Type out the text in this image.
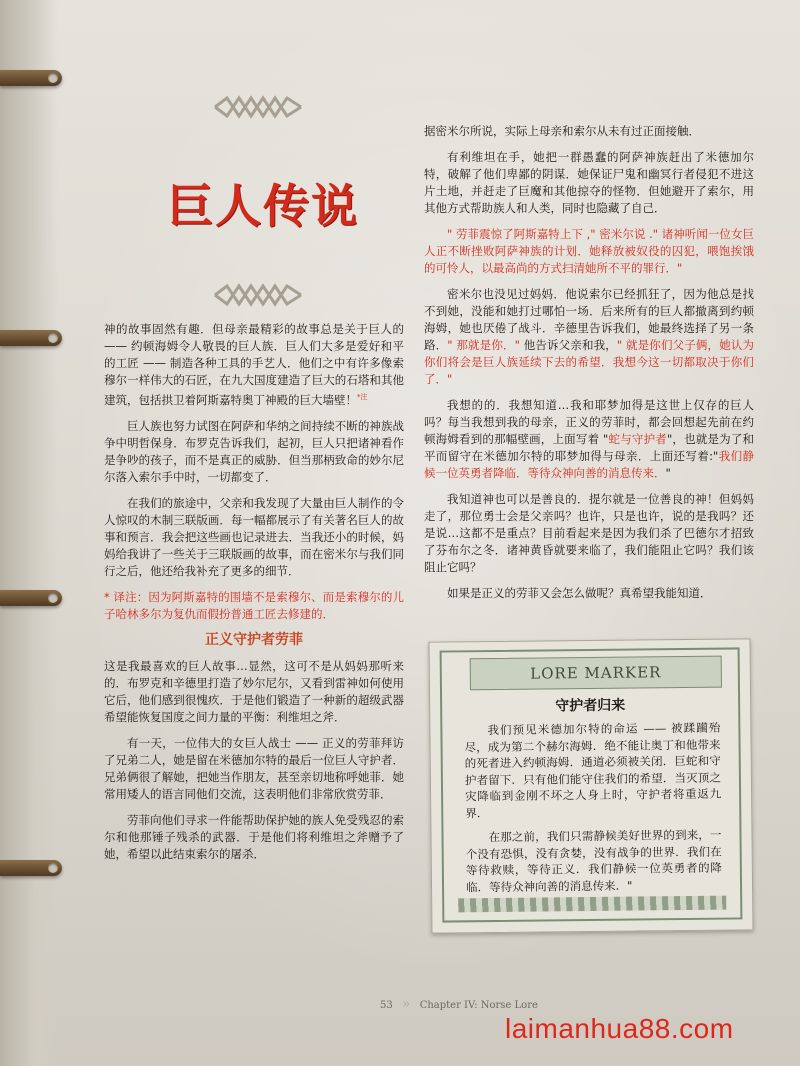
巨人传说

神的故事固然有趣．但母亲最精彩的故事总是关于巨人的 —— 约顿海姆令人敬畏的巨人族．巨人们大多是爱好和平的工匠 —— 制造各种工具的手艺人．他们之中有许多像索穆尔一样伟大的石匠，在九大国度建造了巨大的石塔和其他建筑，包括拱卫着阿斯嘉特奥丁神殿的巨大墙壁！$^{*注}$

巨人族也努力试图在阿萨和华纳之间持续不断的神族战争中明哲保身．布罗克告诉我们，起初，巨人只把诸神看作是争吵的孩子，而不是真正的威胁．但当那柄致命的妙尔尼尔落入索尔手中时，一切都变了．

在我们的旅途中，父亲和我发现了大量由巨人制作的令人惊叹的木制三联版画．每一幅都展示了有关著名巨人的故事和预言．我会把这些画也记录进去．当我还小的时候，妈妈给我讲了一些关于三联版画的故事，而在密米尔与我们同行之后，他还给我补充了更多的细节．

* 译注：因为阿斯嘉特的围墙不是索穆尔、而是索穆尔的儿子哈林多尔为复仇而假扮普通工匠去修建的．

正义守护者劳菲

这是我最喜欢的巨人故事…显然，这可不是从妈妈那听来的．布罗克和辛德里打造了妙尔尼尔，又看到雷神如何使用它后，他们感到很愧疚．于是他们锻造了一种新的超级武器希望能恢复国度之间力量的平衡：利维坦之斧．

有一天，一位伟大的女巨人战士 —— 正义的劳菲拜访了兄弟二人，她是留在米德加尔特的最后一位巨人守护者．兄弟俩很了解她，把她当作朋友，甚至亲切地称呼她菲．她常用矮人的语言同他们交流，这表明他们非常欣赏劳菲．

劳菲向他们寻求一件能帮助保护她的族人免受残忍的索尔和他那锤子残杀的武器．于是他们将利维坦之斧赠予了她，希望以此结束索尔的屠杀．

据密米尔所说，实际上母亲和索尔从未有过正面接触．

有利维坦在手，她把一群愚蠢的阿萨神族赶出了米德加尔特，破解了他们卑鄙的阴谋．她保证尸鬼和幽冥行者侵犯不进这片土地，并赶走了巨魔和其他掠夺的怪物．但她避开了索尔，用其他方式帮助族人和人类，同时也隐藏了自己．

" 劳菲震惊了阿斯嘉特上下 ," 密米尔说 ." 诸神听闻一位女巨人正不断挫败阿萨神族的计划．她释放被奴役的囚犯，喂饱挨饿的可怜人，以最高尚的方式扫清她所不平的罪行．"

密米尔也没见过妈妈．他说索尔已经抓狂了，因为他总是找不到她，没能和她打过哪怕一场．后来所有的巨人都撤离到约顿海姆，她也厌倦了战斗．辛德里告诉我们，她最终选择了另一条路．" 那就是你．" 他告诉父亲和我，" 就是你们父子俩，她认为你们将会是巨人族延续下去的希望．我想今这一切都取决于你们了．"

我想的的．我想知道…我和耶梦加得是这世上仅存的巨人吗？每当我想到我的母亲，正义的劳菲时，都会回想起先前在约顿海姆看到的那幅壁画，上面写着 "蛇与守护者"，也就是为了和平而留守在米德加尔特的耶梦加得与母亲．上面还写着:"我们静候一位英勇者降临．等待众神向善的消息传来．"

我知道神也可以是善良的．提尔就是一位善良的神！但妈妈走了，那位勇士会是父亲吗？也许，只是也许，说的是我吗？还是说…这都不是重点？目前看起来是因为我们杀了巴德尔才招致了芬布尔之冬．诸神黄昏就要来临了，我们能阻止它吗？我们该阻止它吗？

如果是正义的劳菲又会怎么做呢？真希望我能知道．

LORE MARKER
守护者归来

我们预见米德加尔特的命运 —— 被蹂躏殆尽，成为第二个赫尔海姆．绝不能让奥丁和他带来的死者进入约顿海姆．通道必须被关闭．巨蛇和守护者留下．只有他们能守住我们的希望．当灭顶之灾降临到金刚不坏之人身上时，守护者将重返九界．

在那之前，我们只需静候美好世界的到来，一个没有恐惧，没有贪婪，没有战争的世界．我们在等待救赎，等待正义．我们静候一位英勇者的降临．等待众神向善的消息传来．"

53 » Chapter IV: Norse Lore
laimanhua88.com
